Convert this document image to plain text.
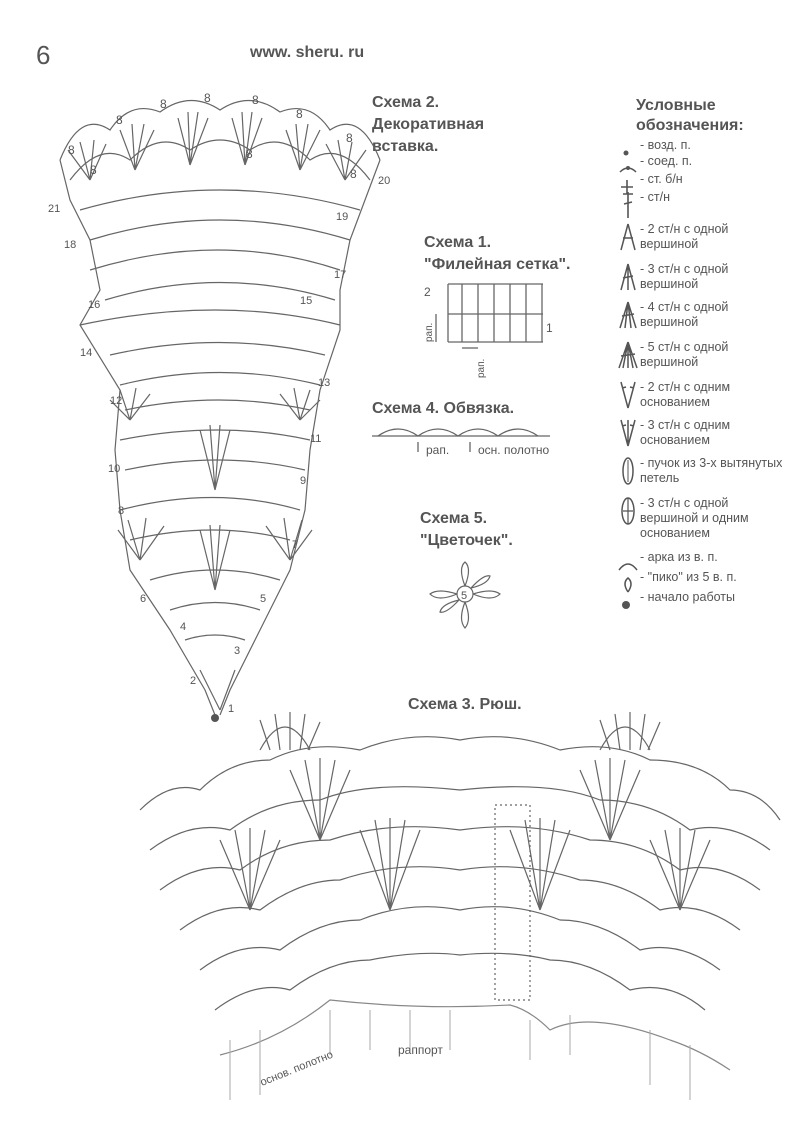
6	www. sheru. ru
Схема 2.
Декоративная
вставка.
8
8
8	8	8
8
8
8
8
8
21
20
19
18
17
16	15
14
13
12
11
10
9
8
7
6	5
4
3
2
1
Схема 1.
"Филейная сетка".
2
1
рап.
рап.
Схема 4. Обвязка.
рап. осн. полотно
Схема 5.
"Цветочек".
5
Условные
обозначения:
- возд. п.
- соед. п.
- ст. б/н
- ст/н
- 2 ст/н с одной вершиной
- 3 ст/н с одной вершиной
- 4 ст/н с одной вершиной
- 5 ст/н с одной вершиной
- 2 ст/н с одним основанием
- 3 ст/н с одним основанием
- пучок из 3-х вытянутых петель
- 3 ст/н с одной вершиной и одним основанием
- арка из в. п.
- "пико" из 5 в. п.
- начало работы
Схема 3. Рюш.
раппорт
основ. полотно
